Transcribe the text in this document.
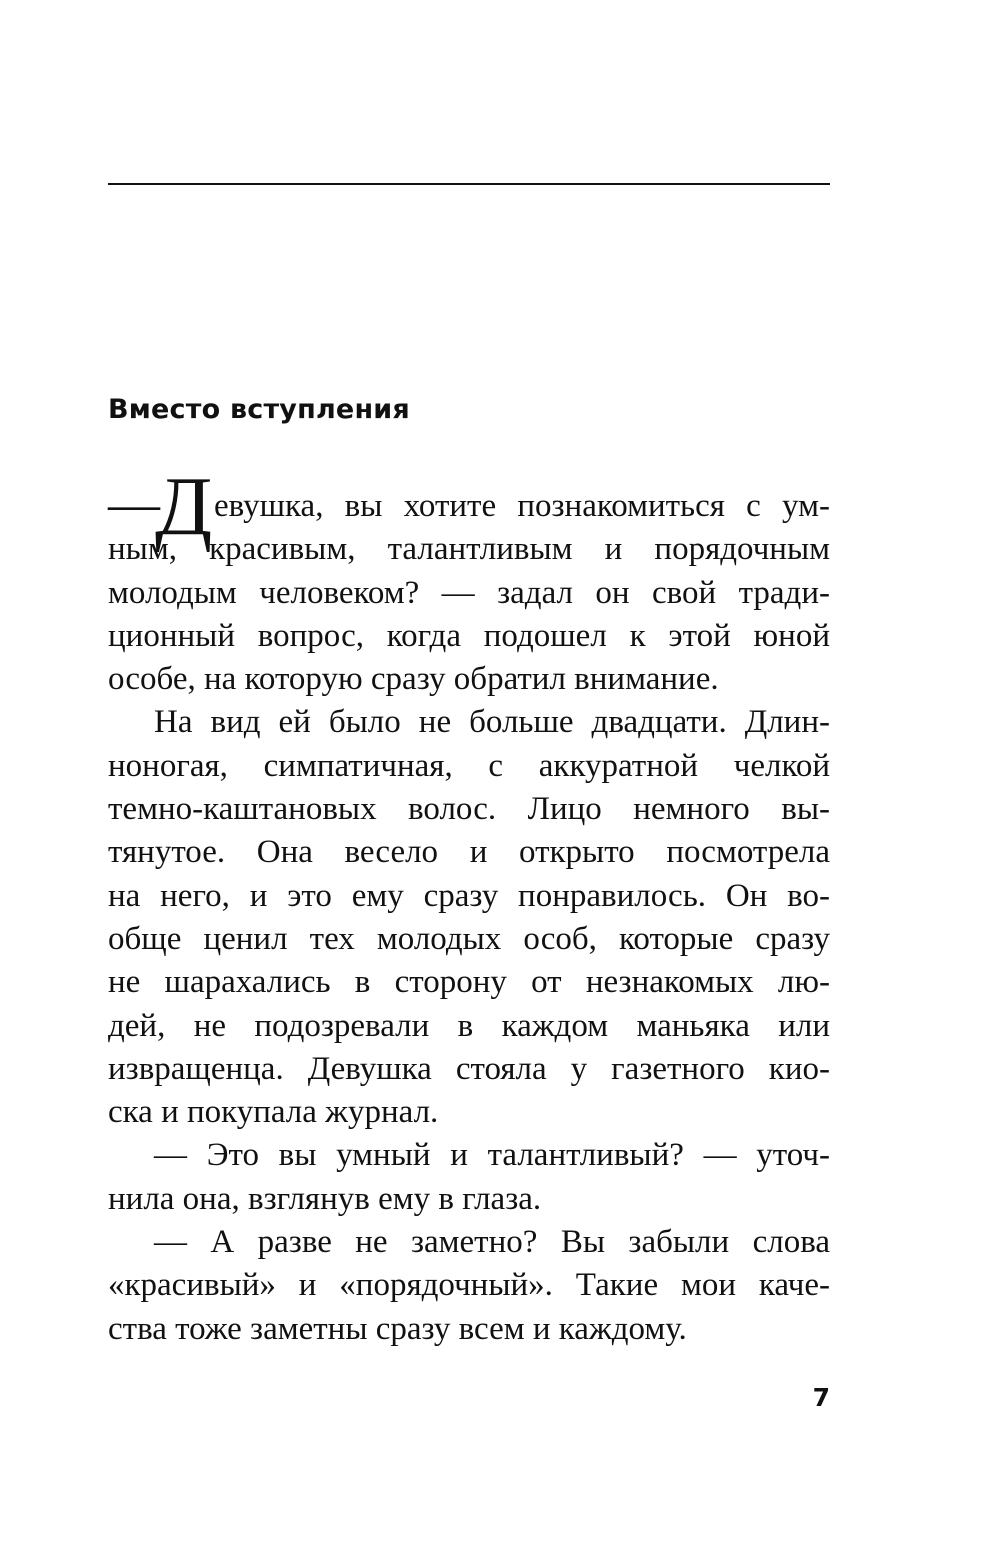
Вместо вступления
—
Д евушка, вы хотите познакомиться с ум-
ным, красивым, талантливым и порядочным
молодым человеком? — задал он свой тради-
ционный вопрос, когда подошел к этой юной
особе, на которую сразу обратил внимание.
На вид ей было не больше двадцати. Длин-
ноногая, симпатичная, с аккуратной челкой
темно-каштановых волос. Лицо немного вы-
тянутое. Она весело и открыто посмотрела
на него, и это ему сразу понравилось. Он во-
обще ценил тех молодых особ, которые сразу
не шарахались в сторону от незнакомых лю-
дей, не подозревали в каждом маньяка или
извращенца. Девушка стояла у газетного кио-
ска и покупала журнал.
— Это вы умный и талантливый? — уточ-
нила она, взглянув ему в глаза.
— А разве не заметно? Вы забыли слова
«красивый» и «порядочный». Такие мои каче-
ства тоже заметны сразу всем и каждому.
7
